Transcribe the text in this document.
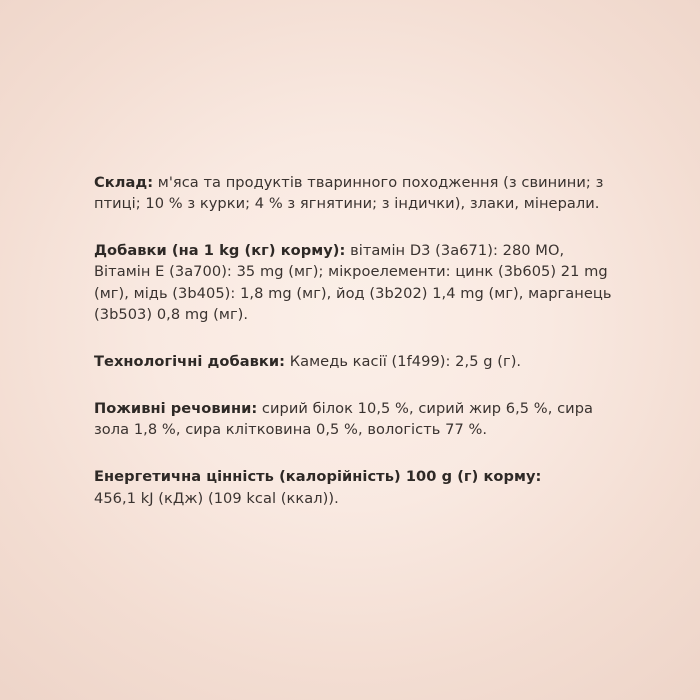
Склад: м'яса та продуктів тваринного походження (з свинини; з птиці; 10 % з курки; 4 % з ягнятини; з індички), злаки, мінерали.

Добавки (на 1 kg (кг) корму): вітамін D3 (3a671): 280 МО, Вітамін Е (3a700): 35 mg (мг); мікроелементи: цинк (3b605) 21 mg (мг), мідь (3b405): 1,8 mg (мг), йод (3b202) 1,4 mg (мг), марганець (3b503) 0,8 mg (мг).

Технологічні добавки: Камедь касії (1f499): 2,5 g (г).

Поживні речовини: сирий білок 10,5 %, сирий жир 6,5 %, сира зола 1,8 %, сира клітковина 0,5 %, вологість 77 %.

Енергетична цінність (калорійність) 100 g (г) корму:
456,1 kJ (кДж) (109 kcal (ккал)).
